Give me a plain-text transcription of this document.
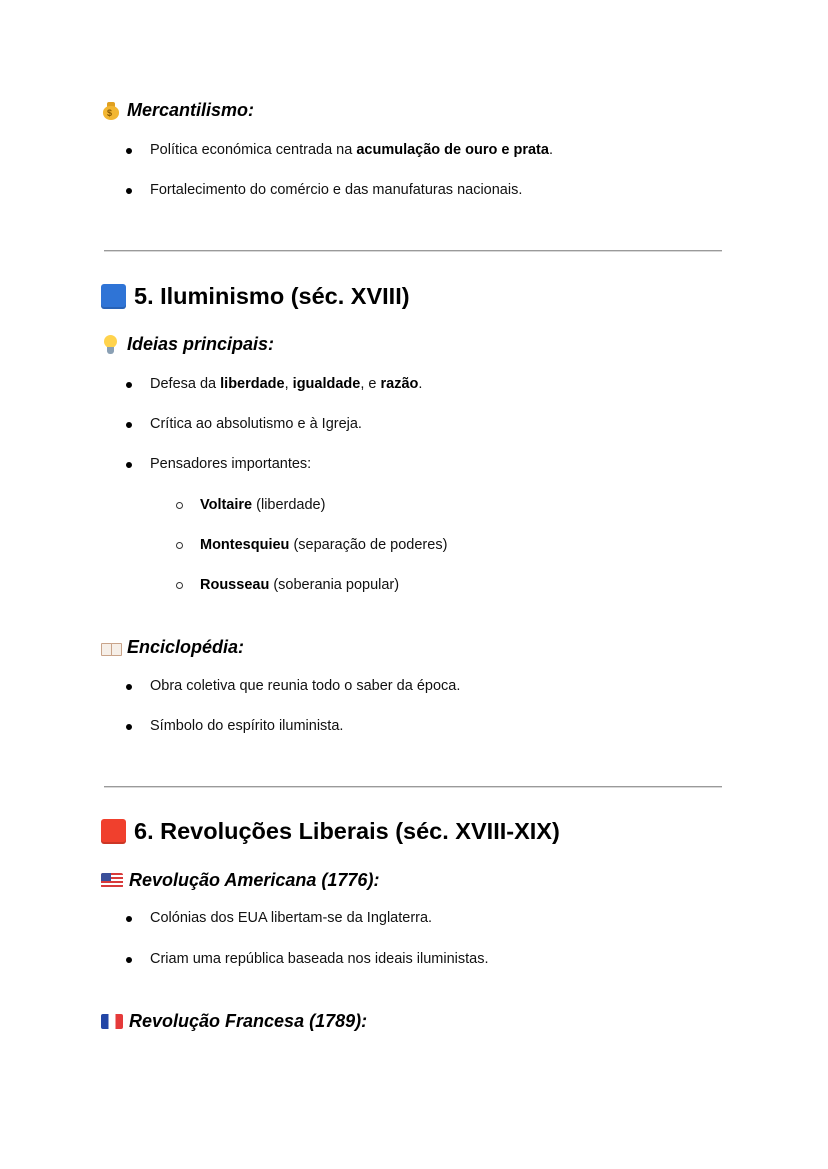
$ Mercantilismo:
Política económica centrada na acumulação de ouro e prata.
Fortalecimento do comércio e das manufaturas nacionais.
5. Iluminismo (séc. XVIII)
Ideias principais:
Defesa da liberdade, igualdade, e razão.
Crítica ao absolutismo e à Igreja.
Pensadores importantes:
Voltaire (liberdade)
Montesquieu (separação de poderes)
Rousseau (soberania popular)
Enciclopédia:
Obra coletiva que reunia todo o saber da época.
Símbolo do espírito iluminista.
6. Revoluções Liberais (séc. XVIII-XIX)
Revolução Americana (1776):
Colónias dos EUA libertam-se da Inglaterra.
Criam uma república baseada nos ideais iluministas.
Revolução Francesa (1789):
